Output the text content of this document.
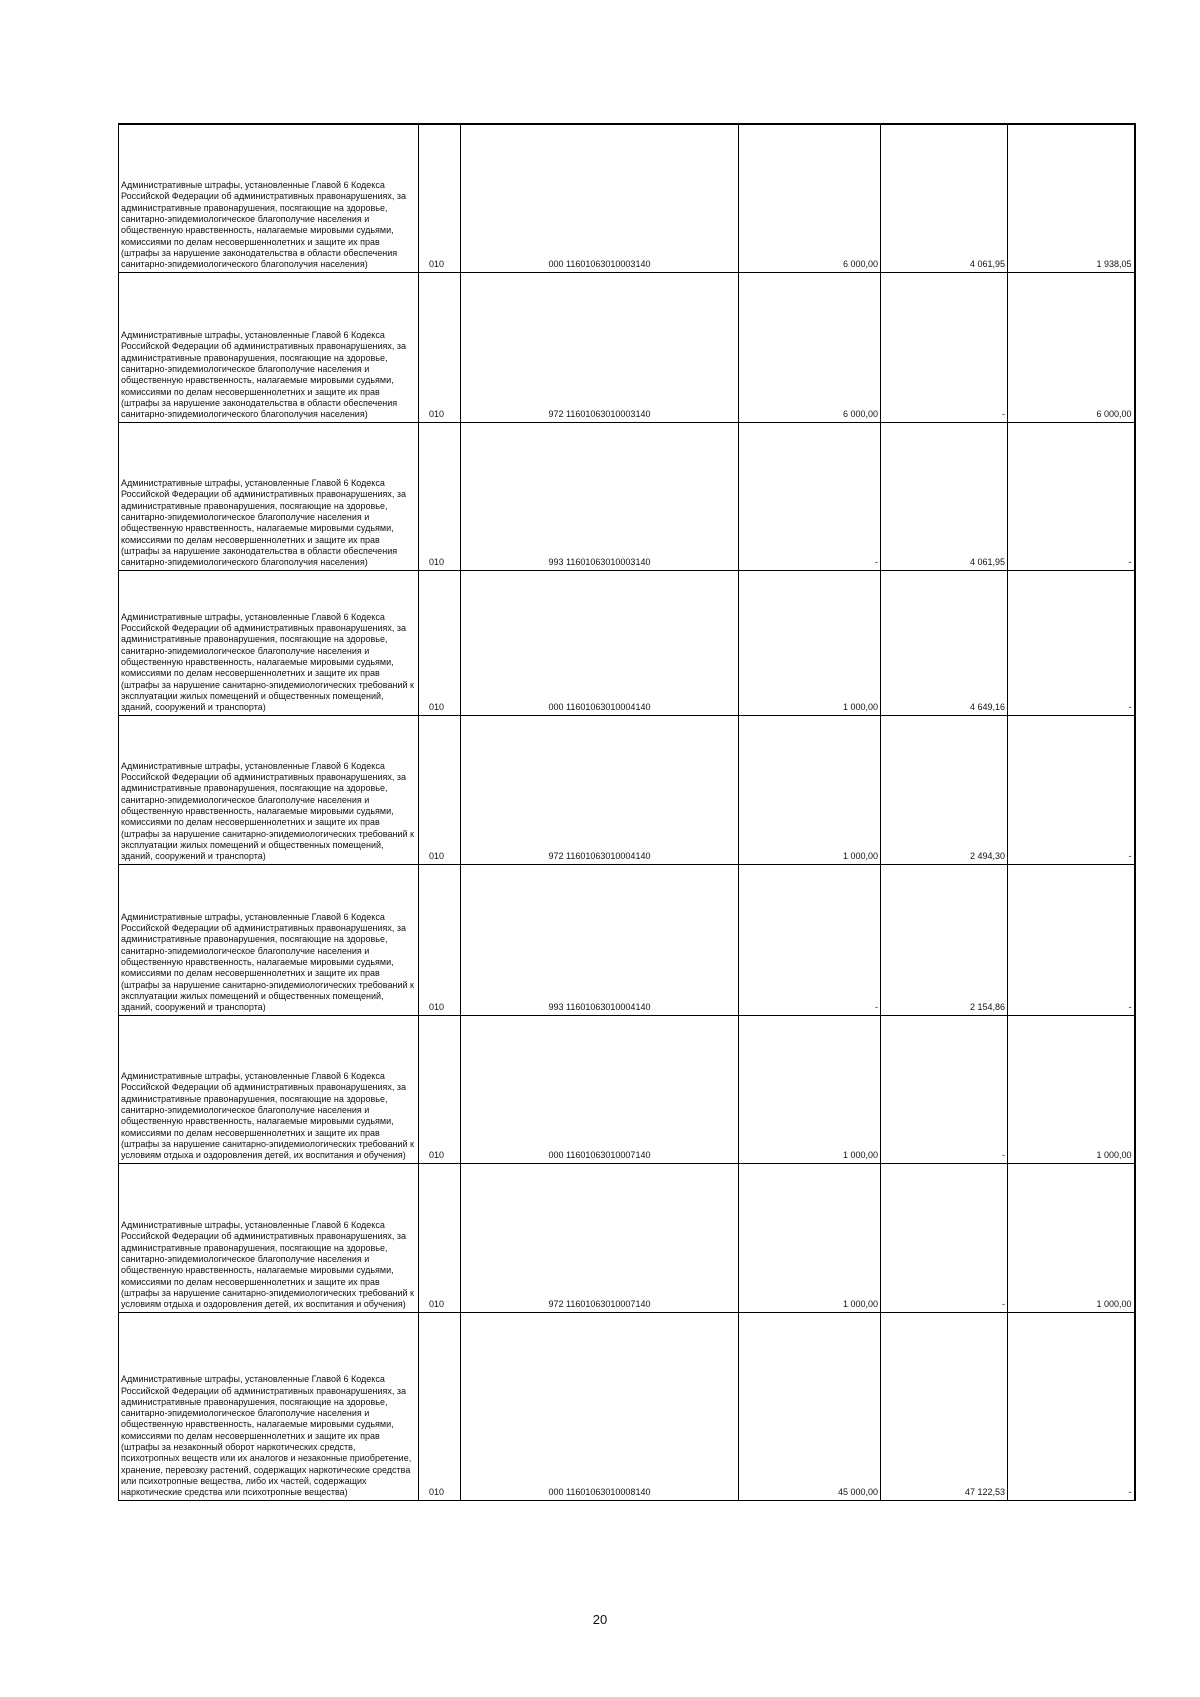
Административные штрафы, установленные Главой 6 Кодекса Российской Федерации об административных правонарушениях, за административные правонарушения, посягающие на здоровье, санитарно-эпидемиологическое благополучие населения и общественную нравственность, налагаемые мировыми судьями, комиссиями по делам несовершеннолетних и защите их прав (штрафы за нарушение законодательства в области обеспечения санитарно-эпидемиологического благополучия населения)	010	000 11601063010003140	6 000,00	4 061,95	1 938,05
Административные штрафы, установленные Главой 6 Кодекса Российской Федерации об административных правонарушениях, за административные правонарушения, посягающие на здоровье, санитарно-эпидемиологическое благополучие населения и общественную нравственность, налагаемые мировыми судьями, комиссиями по делам несовершеннолетних и защите их прав (штрафы за нарушение законодательства в области обеспечения санитарно-эпидемиологического благополучия населения)	010	972 11601063010003140	6 000,00	-	6 000,00
Административные штрафы, установленные Главой 6 Кодекса Российской Федерации об административных правонарушениях, за административные правонарушения, посягающие на здоровье, санитарно-эпидемиологическое благополучие населения и общественную нравственность, налагаемые мировыми судьями, комиссиями по делам несовершеннолетних и защите их прав (штрафы за нарушение законодательства в области обеспечения санитарно-эпидемиологического благополучия населения)	010	993 11601063010003140	-	4 061,95	-
Административные штрафы, установленные Главой 6 Кодекса Российской Федерации об административных правонарушениях, за административные правонарушения, посягающие на здоровье, санитарно-эпидемиологическое благополучие населения и общественную нравственность, налагаемые мировыми судьями, комиссиями по делам несовершеннолетних и защите их прав (штрафы за нарушение санитарно-эпидемиологических требований к эксплуатации жилых помещений и общественных помещений, зданий, сооружений и транспорта)	010	000 11601063010004140	1 000,00	4 649,16	-
Административные штрафы, установленные Главой 6 Кодекса Российской Федерации об административных правонарушениях, за административные правонарушения, посягающие на здоровье, санитарно-эпидемиологическое благополучие населения и общественную нравственность, налагаемые мировыми судьями, комиссиями по делам несовершеннолетних и защите их прав (штрафы за нарушение санитарно-эпидемиологических требований к эксплуатации жилых помещений и общественных помещений, зданий, сооружений и транспорта)	010	972 11601063010004140	1 000,00	2 494,30	-
Административные штрафы, установленные Главой 6 Кодекса Российской Федерации об административных правонарушениях, за административные правонарушения, посягающие на здоровье, санитарно-эпидемиологическое благополучие населения и общественную нравственность, налагаемые мировыми судьями, комиссиями по делам несовершеннолетних и защите их прав (штрафы за нарушение санитарно-эпидемиологических требований к эксплуатации жилых помещений и общественных помещений, зданий, сооружений и транспорта)	010	993 11601063010004140	-	2 154,86	-
Административные штрафы, установленные Главой 6 Кодекса Российской Федерации об административных правонарушениях, за административные правонарушения, посягающие на здоровье, санитарно-эпидемиологическое благополучие населения и общественную нравственность, налагаемые мировыми судьями, комиссиями по делам несовершеннолетних и защите их прав (штрафы за нарушение санитарно-эпидемиологических требований к условиям отдыха и оздоровления детей, их воспитания и обучения)	010	000 11601063010007140	1 000,00	-	1 000,00
Административные штрафы, установленные Главой 6 Кодекса Российской Федерации об административных правонарушениях, за административные правонарушения, посягающие на здоровье, санитарно-эпидемиологическое благополучие населения и общественную нравственность, налагаемые мировыми судьями, комиссиями по делам несовершеннолетних и защите их прав (штрафы за нарушение санитарно-эпидемиологических требований к условиям отдыха и оздоровления детей, их воспитания и обучения)	010	972 11601063010007140	1 000,00	-	1 000,00
Административные штрафы, установленные Главой 6 Кодекса Российской Федерации об административных правонарушениях, за административные правонарушения, посягающие на здоровье, санитарно-эпидемиологическое благополучие населения и общественную нравственность, налагаемые мировыми судьями, комиссиями по делам несовершеннолетних и защите их прав (штрафы за незаконный оборот наркотических средств, психотропных веществ или их аналогов и незаконные приобретение, хранение, перевозку растений, содержащих наркотические средства или психотропные вещества, либо их частей, содержащих наркотические средства или психотропные вещества)	010	000 11601063010008140	45 000,00	47 122,53	-
20
